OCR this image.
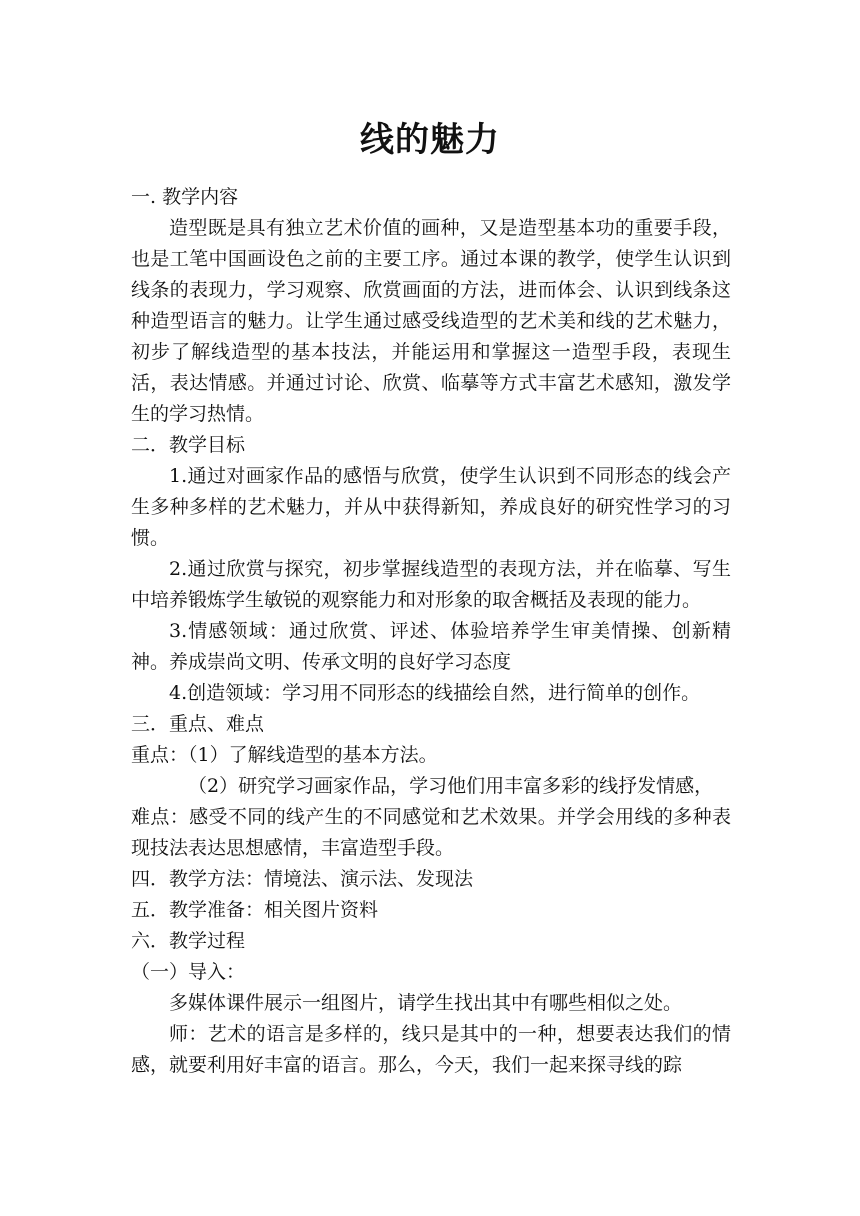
线的魅力

一. 教学内容

造型既是具有独立艺术价值的画种，又是造型基本功的重要手段，也是工笔中国画设色之前的主要工序。通过本课的教学，使学生认识到线条的表现力，学习观察、欣赏画面的方法，进而体会、认识到线条这种造型语言的魅力。让学生通过感受线造型的艺术美和线的艺术魅力，初步了解线造型的基本技法，并能运用和掌握这一造型手段，表现生活，表达情感。并通过讨论、欣赏、临摹等方式丰富艺术感知，激发学生的学习热情。

二．教学目标

1.通过对画家作品的感悟与欣赏，使学生认识到不同形态的线会产生多种多样的艺术魅力，并从中获得新知，养成良好的研究性学习的习惯。

2.通过欣赏与探究，初步掌握线造型的表现方法，并在临摹、写生中培养锻炼学生敏锐的观察能力和对形象的取舍概括及表现的能力。

3.情感领域：通过欣赏、评述、体验培养学生审美情操、创新精神。养成崇尚文明、传承文明的良好学习态度

4.创造领域：学习用不同形态的线描绘自然，进行简单的创作。

三．重点、难点

重点：（1）了解线造型的基本方法。

（2）研究学习画家作品，学习他们用丰富多彩的线抒发情感，

难点：感受不同的线产生的不同感觉和艺术效果。并学会用线的多种表现技法表达思想感情，丰富造型手段。

四．教学方法：情境法、演示法、发现法

五．教学准备：相关图片资料

六．教学过程

（一）导入：

多媒体课件展示一组图片，请学生找出其中有哪些相似之处。

师：艺术的语言是多样的，线只是其中的一种，想要表达我们的情感，就要利用好丰富的语言。那么，今天，我们一起来探寻线的踪
